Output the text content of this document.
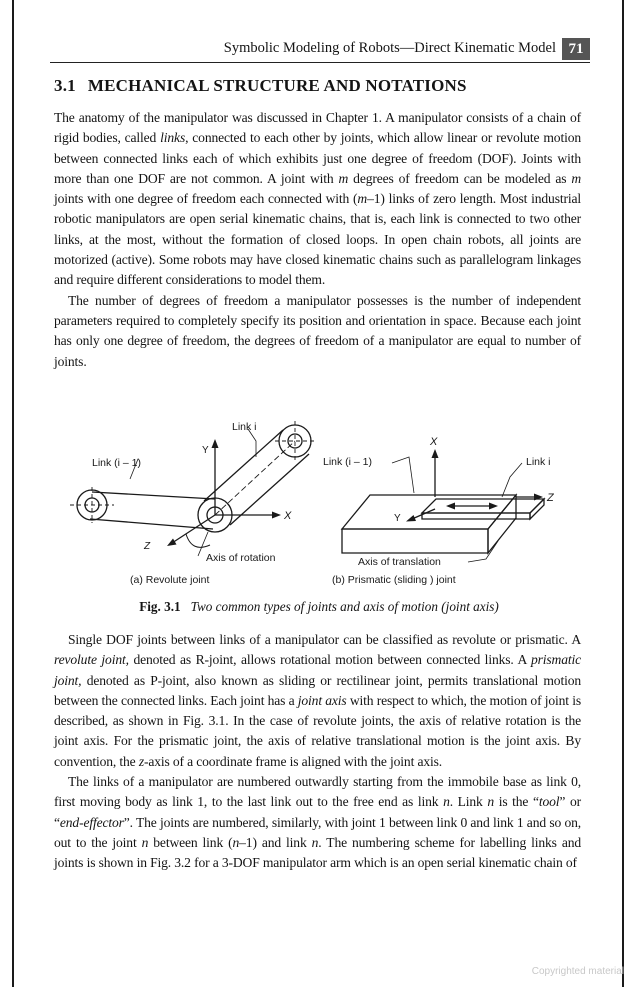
Symbolic Modeling of Robots—Direct Kinematic Model 71
3.1 MECHANICAL STRUCTURE AND NOTATIONS

The anatomy of the manipulator was discussed in Chapter 1. A manipulator consists of a chain of rigid bodies, called links, connected to each other by joints, which allow linear or revolute motion between connected links each of which exhibits just one degree of freedom (DOF). Joints with more than one DOF are not common. A joint with m degrees of freedom can be modeled as m joints with one degree of freedom each connected with (m–1) links of zero length. Most industrial robotic manipulators are open serial kinematic chains, that is, each link is connected to two other links, at the most, without the formation of closed loops. In open chain robots, all joints are motorized (active). Some robots may have closed kinematic chains such as parallelogram linkages and require different considerations to model them.

The number of degrees of freedom a manipulator possesses is the number of independent parameters required to completely specify its position and orientation in space. Because each joint has only one degree of freedom, the degrees of freedom of a manipulator are equal to number of joints.

Link i
Link (i – 1)
Y
X
Z
Axis of rotation
(a) Revolute joint
Link (i – 1)	Link i
X
Y
Z
Axis of translation
(b) Prismatic (sliding ) joint
Fig. 3.1 Two common types of joints and axis of motion (joint axis)

Single DOF joints between links of a manipulator can be classified as revolute or prismatic. A revolute joint, denoted as R-joint, allows rotational motion between connected links. A prismatic joint, denoted as P-joint, also known as sliding or rectilinear joint, permits translational motion between the connected links. Each joint has a joint axis with respect to which, the motion of joint is described, as shown in Fig. 3.1. In the case of revolute joints, the axis of relative rotation is the joint axis. For the prismatic joint, the axis of relative translational motion is the joint axis. By convention, the z-axis of a coordinate frame is aligned with the joint axis.

The links of a manipulator are numbered outwardly starting from the immobile base as link 0, first moving body as link 1, to the last link out to the free end as link n. Link n is the “tool” or “end-effector”. The joints are numbered, similarly, with joint 1 between link 0 and link 1 and so on, out to the joint n between link (n–1) and link n. The numbering scheme for labelling links and joints is shown in Fig. 3.2 for a 3-DOF manipulator arm which is an open serial kinematic chain of

Copyrighted material
